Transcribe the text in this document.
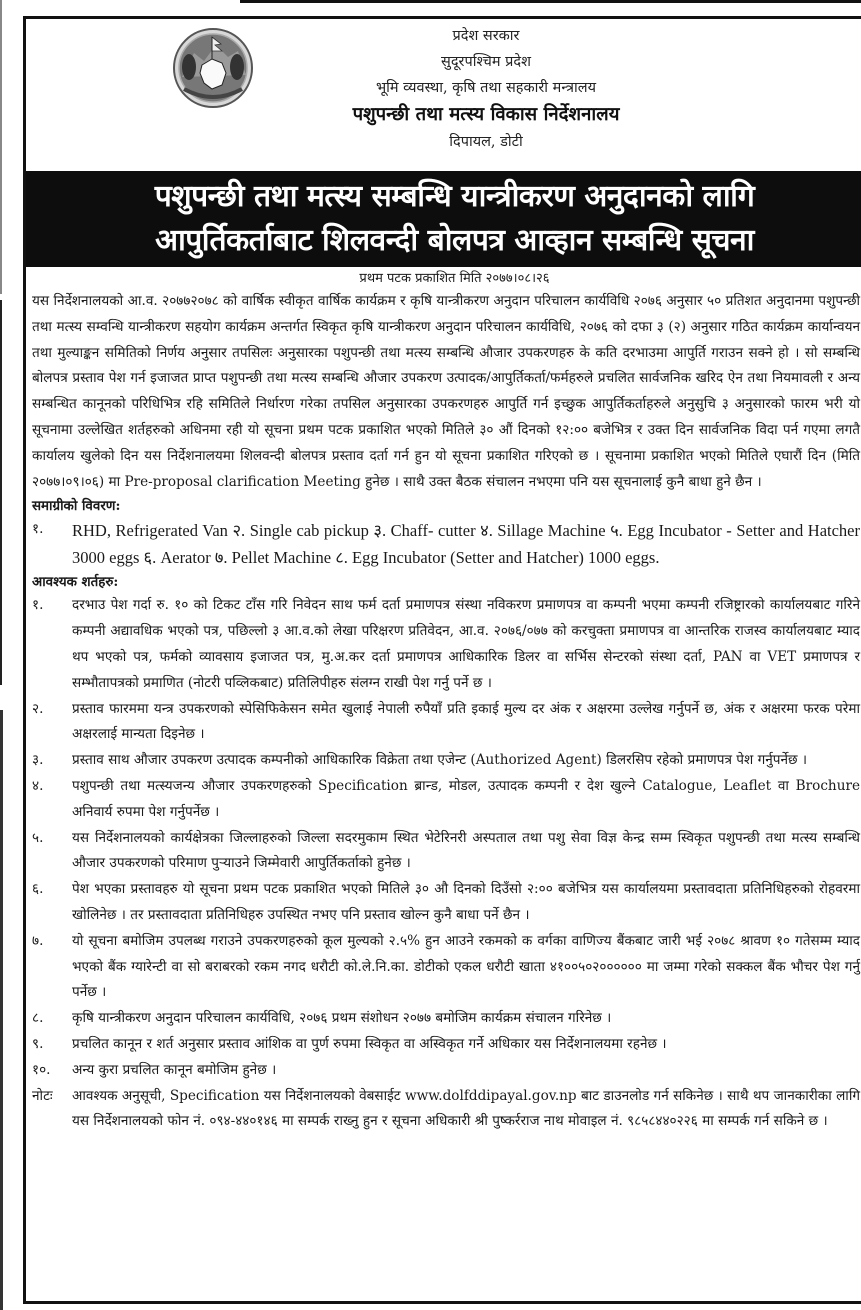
प्रदेश सरकार
सुदूरपश्चिम प्रदेश
भूमि व्यवस्था, कृषि तथा सहकारी मन्त्रालय
पशुपन्छी तथा मत्स्य विकास निर्देशनालय
दिपायल, डोटी
पशुपन्छी तथा मत्स्य सम्बन्धि यान्त्रीकरण अनुदानको लागि
आपुर्तिकर्ताबाट शिलवन्दी बोलपत्र आव्हान सम्बन्धि सूचना
प्रथम पटक प्रकाशित मिति २०७७।०८।२६

यस निर्देशनालयको आ.व. २०७७२०७८ को वार्षिक स्वीकृत वार्षिक कार्यक्रम र कृषि यान्त्रीकरण अनुदान परिचालन कार्यविधि २०७६ अनुसार ५० प्रतिशत अनुदानमा पशुपन्छी तथा मत्स्य सम्वन्धि यान्त्रीकरण सहयोग कार्यक्रम अन्तर्गत स्विकृत कृषि यान्त्रीकरण अनुदान परिचालन कार्यविधि, २०७६ को दफा ३ (२) अनुसार गठित कार्यक्रम कार्यान्वयन तथा मुल्याङ्कन समितिको निर्णय अनुसार तपसिलः अनुसारका पशुपन्छी तथा मत्स्य सम्बन्धि औजार उपकरणहरु के कति दरभाउमा आपुर्ति गराउन सक्ने हो । सो सम्बन्धि बोलपत्र प्रस्ताव पेश गर्न इजाजत प्राप्त पशुपन्छी तथा मत्स्य सम्बन्धि औजार उपकरण उत्पादक/आपुर्तिकर्ता/फर्महरुले प्रचलित सार्वजनिक खरिद ऐन तथा नियमावली र अन्य सम्बन्धित कानूनको परिधिभित्र रहि समितिले निर्धारण गरेका तपसिल अनुसारका उपकरणहरु आपुर्ति गर्न इच्छुक आपुर्तिकर्ताहरुले अनुसुचि ३ अनुसारको फारम भरी यो सूचनामा उल्लेखित शर्तहरुको अधिनमा रही यो सूचना प्रथम पटक प्रकाशित भएको मितिले ३० औं दिनको १२:०० बजेभित्र र उक्त दिन सार्वजनिक विदा पर्न गएमा लगतै कार्यालय खुलेको दिन यस निर्देशनालयमा शिलवन्दी बोलपत्र प्रस्ताव दर्ता गर्न हुन यो सूचना प्रकाशित गरिएको छ । सूचनामा प्रकाशित भएको मितिले एघारौं दिन (मिति २०७७।०९।०६) मा Pre-proposal clarification Meeting हुनेछ । साथै उक्त बैठक संचालन नभएमा पनि यस सूचनालाई कुनै बाधा हुने छैन ।

समाग्रीको विवरण:

१.	RHD, Refrigerated Van २. Single cab pickup ३. Chaff- cutter ४. Sillage Machine ५. Egg Incubator - Setter and Hatcher 3000 eggs ६. Aerator ७. Pellet Machine ८. Egg Incubator (Setter and Hatcher) 1000 eggs.

आवश्यक शर्तहरु:

१.	दरभाउ पेश गर्दा रु. १० को टिकट टाँस गरि निवेदन साथ फर्म दर्ता प्रमाणपत्र संस्था नविकरण प्रमाणपत्र वा कम्पनी भएमा कम्पनी रजिष्ट्रारको कार्यालयबाट गरिने कम्पनी अद्यावधिक भएको पत्र, पछिल्लो ३ आ.व.को लेखा परिक्षरण प्रतिवेदन, आ.व. २०७६/०७७ को करचुक्ता प्रमाणपत्र वा आन्तरिक राजस्व कार्यालयबाट म्याद थप भएको पत्र, फर्मको व्यावसाय इजाजत पत्र, मु.अ.कर दर्ता प्रमाणपत्र आधिकारिक डिलर वा सर्भिस सेन्टरको संस्था दर्ता, PAN वा VET प्रमाणपत्र र सम्भौतापत्रको प्रमाणित (नोटरी पव्लिकबाट) प्रतिलिपीहरु संलग्न राखी पेश गर्नु पर्ने छ ।
२.	प्रस्ताव फारममा यन्त्र उपकरणको स्पेसिफिकेसन समेत खुलाई नेपाली रुपैयाँ प्रति इकाई मुल्य दर अंक र अक्षरमा उल्लेख गर्नुपर्ने छ, अंक र अक्षरमा फरक परेमा अक्षरलाई मान्यता दिइनेछ ।
३.	प्रस्ताव साथ औजार उपकरण उत्पादक कम्पनीको आधिकारिक विक्रेता तथा एजेन्ट (Authorized Agent) डिलरसिप रहेको प्रमाणपत्र पेश गर्नुपर्नेछ ।
४.	पशुपन्छी तथा मत्स्यजन्य औजार उपकरणहरुको Specification ब्रान्ड, मोडल, उत्पादक कम्पनी र देश खुल्ने Catalogue, Leaflet वा Brochure अनिवार्य रुपमा पेश गर्नुपर्नेछ ।
५.	यस निर्देशनालयको कार्यक्षेत्रका जिल्लाहरुको जिल्ला सदरमुकाम स्थित भेटेरिनरी अस्पताल तथा पशु सेवा विज्ञ केन्द्र सम्म स्विकृत पशुपन्छी तथा मत्स्य सम्बन्धि औजार उपकरणको परिमाण पुऱ्याउने जिम्मेवारी आपुर्तिकर्ताको हुनेछ ।
६.	पेश भएका प्रस्तावहरु यो सूचना प्रथम पटक प्रकाशित भएको मितिले ३० औ दिनको दिउँसो २:०० बजेभित्र यस कार्यालयमा प्रस्तावदाता प्रतिनिधिहरुको रोहवरमा खोलिनेछ । तर प्रस्तावदाता प्रतिनिधिहरु उपस्थित नभए पनि प्रस्ताव खोल्न कुनै बाधा पर्ने छैन ।
७.	यो सूचना बमोजिम उपलब्ध गराउने उपकरणहरुको कूल मुल्यको २.५% हुन आउने रकमको क वर्गका वाणिज्य बैंकबाट जारी भई २०७८ श्रावण १० गतेसम्म म्याद भएको बैंक ग्यारेन्टी वा सो बराबरको रकम नगद धरौटी को.ले.नि.का. डोटीको एकल धरौटी खाता ४१००५०२०००००० मा जम्मा गरेको सक्कल बैंक भौचर पेश गर्नु पर्नेछ ।
८.	कृषि यान्त्रीकरण अनुदान परिचालन कार्यविधि, २०७६ प्रथम संशोधन २०७७ बमोजिम कार्यक्रम संचालन गरिनेछ ।
९.	प्रचलित कानून र शर्त अनुसार प्रस्ताव आंशिक वा पुर्ण रुपमा स्विकृत वा अस्विकृत गर्ने अधिकार यस निर्देशनालयमा रहनेछ ।
१०.	अन्य कुरा प्रचलित कानून बमोजिम हुनेछ ।
नोटः	आवश्यक अनुसूची, Specification यस निर्देशनालयको वेबसाईट www.dolfddipayal.gov.np बाट डाउनलोड गर्न सकिनेछ । साथै थप जानकारीका लागि यस निर्देशनालयको फोन नं. ०९४-४४०१४६ मा सम्पर्क राख्नु हुन र सूचना अधिकारी श्री पुष्कर्रराज नाथ मोवाइल नं. ९८५८४४०२२६ मा सम्पर्क गर्न सकिने छ ।
